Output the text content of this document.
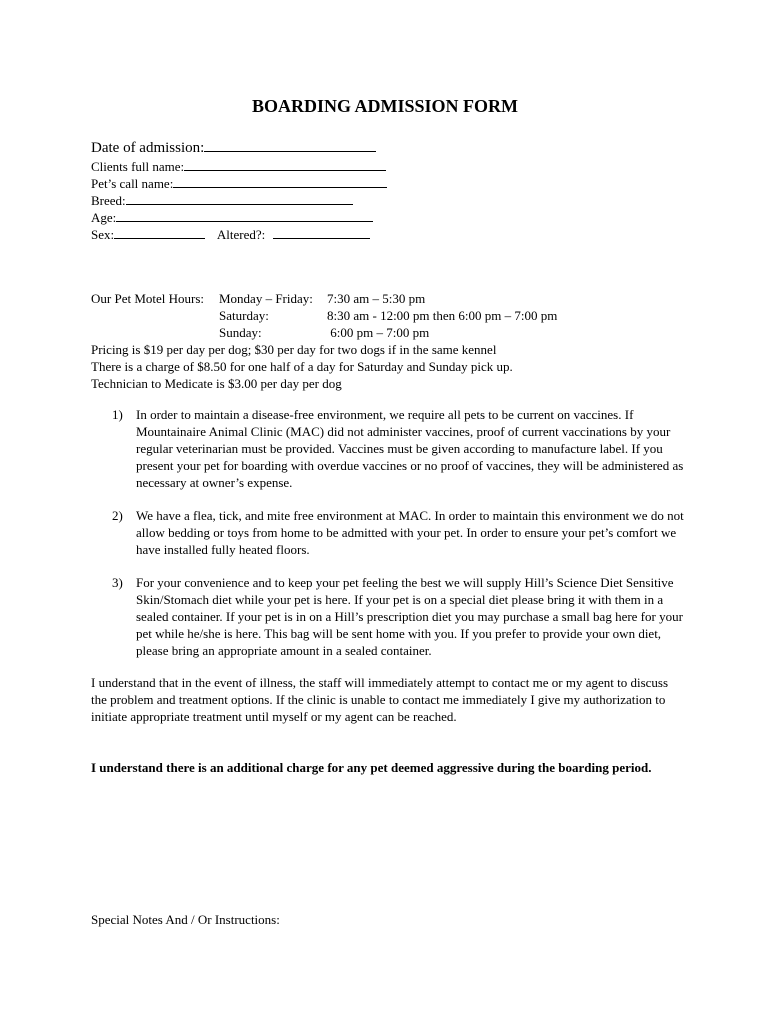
BOARDING ADMISSION FORM
Date of admission:
Clients full name:
Pet’s call name:
Breed:
Age:
Sex:	Altered?:
Our Pet Motel Hours: Monday – Friday: 7:30 am – 5:30 pm
Saturday:	8:30 am - 12:00 pm then 6:00 pm – 7:00 pm
Sunday:	6:00 pm – 7:00 pm
Pricing is $19 per day per dog; $30 per day for two dogs if in the same kennel
There is a charge of $8.50 for one half of a day for Saturday and Sunday pick up.
Technician to Medicate is $3.00 per day per dog
1) In order to maintain a disease-free environment, we require all pets to be current on vaccines. If Mountainaire Animal Clinic (MAC) did not administer vaccines, proof of current vaccinations by your regular veterinarian must be provided. Vaccines must be given according to manufacture label. If you present your pet for boarding with overdue vaccines or no proof of vaccines, they will be administered as necessary at owner’s expense.
2) We have a flea, tick, and mite free environment at MAC. In order to maintain this environment we do not allow bedding or toys from home to be admitted with your pet. In order to ensure your pet’s comfort we have installed fully heated floors.
3) For your convenience and to keep your pet feeling the best we will supply Hill’s Science Diet Sensitive Skin/Stomach diet while your pet is here. If your pet is on a special diet please bring it with them in a sealed container. If your pet is in on a Hill’s prescription diet you may purchase a small bag here for your pet while he/she is here. This bag will be sent home with you. If you prefer to provide your own diet, please bring an appropriate amount in a sealed container.
I understand that in the event of illness, the staff will immediately attempt to contact me or my agent to discuss the problem and treatment options. If the clinic is unable to contact me immediately I give my authorization to initiate appropriate treatment until myself or my agent can be reached.
I understand there is an additional charge for any pet deemed aggressive during the boarding period.
Special Notes And / Or Instructions:
